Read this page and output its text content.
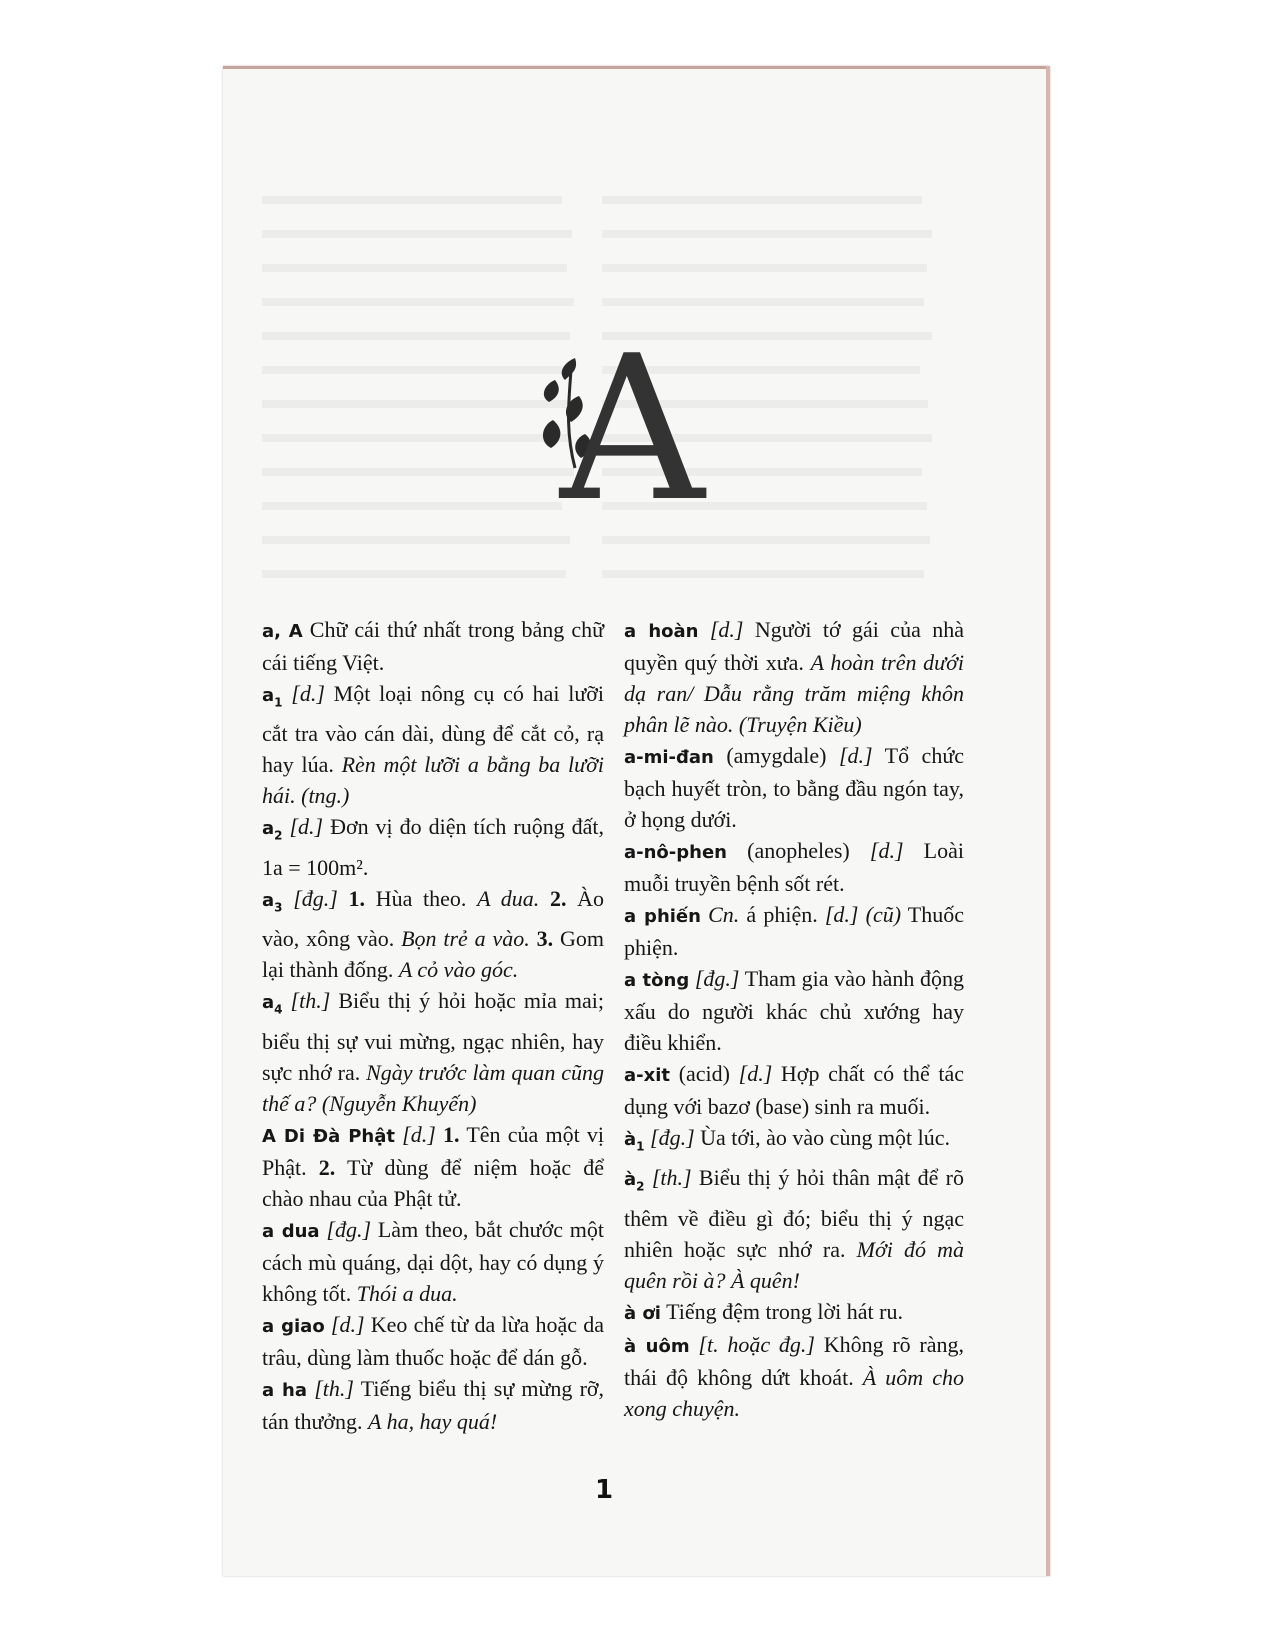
A
a, A Chữ cái thứ nhất trong bảng chữ cái tiếng Việt.
$a_1$ [d.] Một loại nông cụ có hai lưỡi cắt tra vào cán dài, dùng để cắt cỏ, rạ hay lúa. Rèn một lưỡi a bằng ba lưỡi hái. (tng.)
$a_2$ [d.] Đơn vị đo diện tích ruộng đất, 1a = 100m².
$a_3$ [đg.] 1. Hùa theo. A dua. 2. Ào vào, xông vào. Bọn trẻ a vào. 3. Gom lại thành đống. A cỏ vào góc.
$a_4$ [th.] Biểu thị ý hỏi hoặc mỉa mai; biểu thị sự vui mừng, ngạc nhiên, hay sực nhớ ra. Ngày trước làm quan cũng thế a? (Nguyễn Khuyến)
A Di Đà Phật [d.] 1. Tên của một vị Phật. 2. Từ dùng để niệm hoặc để chào nhau của Phật tử.
a dua [đg.] Làm theo, bắt chước một cách mù quáng, dại dột, hay có dụng ý không tốt. Thói a dua.
a giao [d.] Keo chế từ da lừa hoặc da trâu, dùng làm thuốc hoặc để dán gỗ.
a ha [th.] Tiếng biểu thị sự mừng rỡ, tán thưởng. A ha, hay quá!
a hoàn [d.] Người tớ gái của nhà quyền quý thời xưa. A hoàn trên dưới dạ ran/ Dẫu rằng trăm miệng khôn phân lẽ nào. (Truyện Kiều)
a-mi-đan (amygdale) [d.] Tổ chức bạch huyết tròn, to bằng đầu ngón tay, ở họng dưới.
a-nô-phen (anopheles) [d.] Loài muỗi truyền bệnh sốt rét.
a phiến Cn. á phiện. [d.] (cũ) Thuốc phiện.
a tòng [đg.] Tham gia vào hành động xấu do người khác chủ xướng hay điều khiển.
a-xit (acid) [d.] Hợp chất có thể tác dụng với bazơ (base) sinh ra muối.
$à_1$ [đg.] Ùa tới, ào vào cùng một lúc.
$à_2$ [th.] Biểu thị ý hỏi thân mật để rõ thêm về điều gì đó; biểu thị ý ngạc nhiên hoặc sực nhớ ra. Mới đó mà quên rồi à? À quên!
à ơi Tiếng đệm trong lời hát ru.
à uôm [t. hoặc đg.] Không rõ ràng, thái độ không dứt khoát. À uôm cho xong chuyện.
1
